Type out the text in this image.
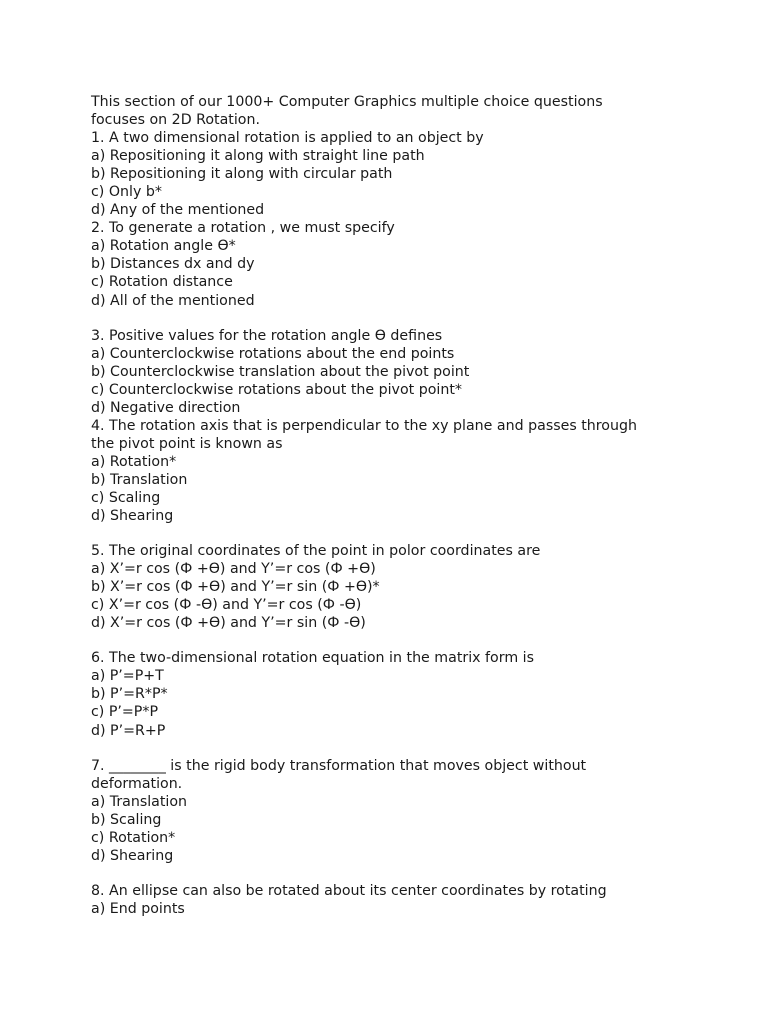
This section of our 1000+ Computer Graphics multiple choice questions
focuses on 2D Rotation.
1. A two dimensional rotation is applied to an object by
a) Repositioning it along with straight line path
b) Repositioning it along with circular path
c) Only b*
d) Any of the mentioned
2. To generate a rotation , we must specify
a) Rotation angle ϴ*
b) Distances dx and dy
c) Rotation distance
d) All of the mentioned
3. Positive values for the rotation angle ϴ defines
a) Counterclockwise rotations about the end points
b) Counterclockwise translation about the pivot point
c) Counterclockwise rotations about the pivot point*
d) Negative direction
4. The rotation axis that is perpendicular to the xy plane and passes through
the pivot point is known as
a) Rotation*
b) Translation
c) Scaling
d) Shearing
5. The original coordinates of the point in polor coordinates are
a) X’=r cos (Ф +ϴ) and Y’=r cos (Ф +ϴ)
b) X’=r cos (Ф +ϴ) and Y’=r sin (Ф +ϴ)*
c) X’=r cos (Ф -ϴ) and Y’=r cos (Ф -ϴ)
d) X’=r cos (Ф +ϴ) and Y’=r sin (Ф -ϴ)
6. The two-dimensional rotation equation in the matrix form is
a) P’=P+T
b) P’=R*P*
c) P’=P*P
d) P’=R+P
7. ________ is the rigid body transformation that moves object without
deformation.
a) Translation
b) Scaling
c) Rotation*
d) Shearing
8. An ellipse can also be rotated about its center coordinates by rotating
a) End points
